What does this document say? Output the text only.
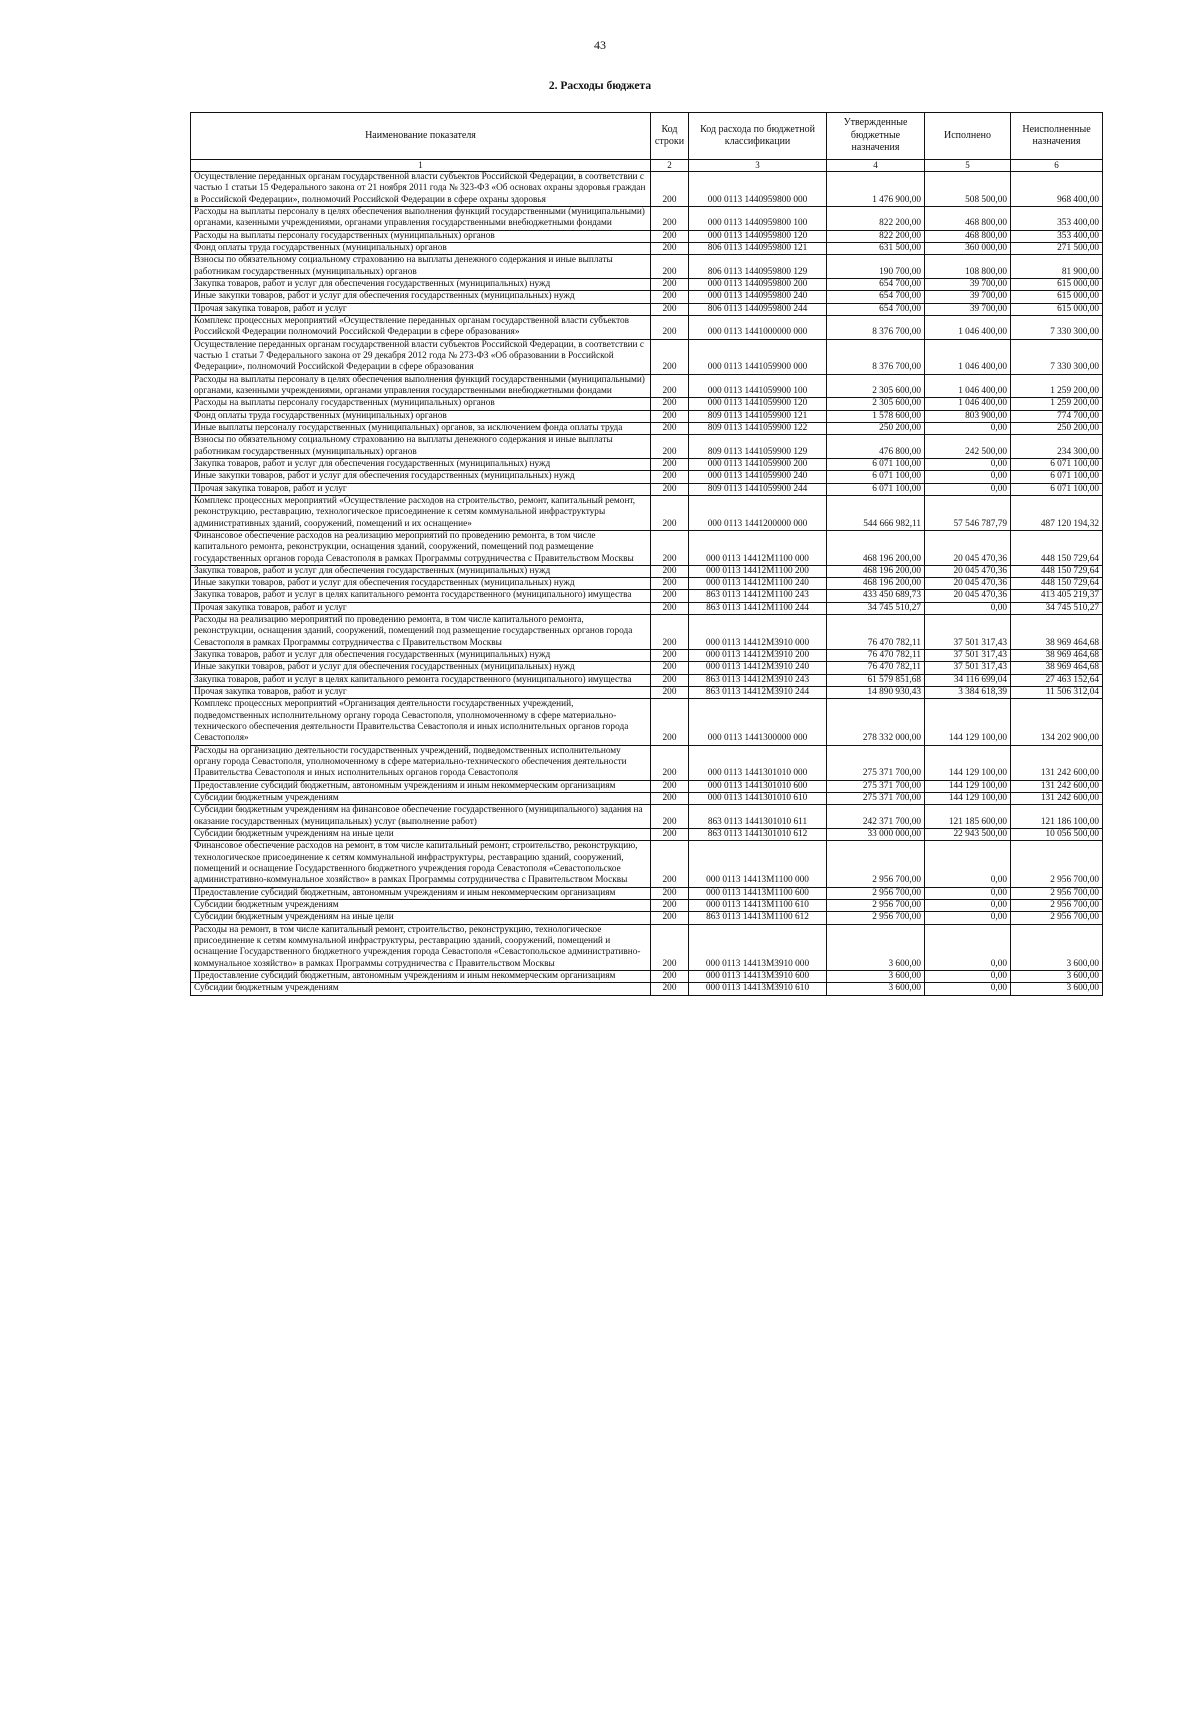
43
2. Расходы бюджета
Наименование показателя	Код строки	Код расхода по бюджетной классификации	Утвержденные бюджетные назначения	Исполнено	Неисполненные назначения
1	2	3	4	5	6
Осуществление переданных органам государственной власти субъектов Российской Федерации, в соответствии с частью 1 статьи 15 Федерального закона от 21 ноября 2011 года № 323-ФЗ «Об основах охраны здоровья граждан в Российской Федерации», полномочий Российской Федерации в сфере охраны здоровья	200	000 0113 1440959800 000	1 476 900,00	508 500,00	968 400,00
Расходы на выплаты персоналу в целях обеспечения выполнения функций государственными (муниципальными) органами, казенными учреждениями, органами управления государственными внебюджетными фондами	200	000 0113 1440959800 100	822 200,00	468 800,00	353 400,00
Расходы на выплаты персоналу государственных (муниципальных) органов	200	000 0113 1440959800 120	822 200,00	468 800,00	353 400,00
Фонд оплаты труда государственных (муниципальных) органов	200	806 0113 1440959800 121	631 500,00	360 000,00	271 500,00
Взносы по обязательному социальному страхованию на выплаты денежного содержания и иные выплаты работникам государственных (муниципальных) органов	200	806 0113 1440959800 129	190 700,00	108 800,00	81 900,00
Закупка товаров, работ и услуг для обеспечения государственных (муниципальных) нужд	200	000 0113 1440959800 200	654 700,00	39 700,00	615 000,00
Иные закупки товаров, работ и услуг для обеспечения государственных (муниципальных) нужд	200	000 0113 1440959800 240	654 700,00	39 700,00	615 000,00
Прочая закупка товаров, работ и услуг	200	806 0113 1440959800 244	654 700,00	39 700,00	615 000,00
Комплекс процессных мероприятий «Осуществление переданных органам государственной власти субъектов Российской Федерации полномочий Российской Федерации в сфере образования»	200	000 0113 1441000000 000	8 376 700,00	1 046 400,00	7 330 300,00
Осуществление переданных органам государственной власти субъектов Российской Федерации, в соответствии с частью 1 статьи 7 Федерального закона от 29 декабря 2012 года № 273-ФЗ «Об образовании в Российской Федерации», полномочий Российской Федерации в сфере образования	200	000 0113 1441059900 000	8 376 700,00	1 046 400,00	7 330 300,00
Расходы на выплаты персоналу в целях обеспечения выполнения функций государственными (муниципальными) органами, казенными учреждениями, органами управления государственными внебюджетными фондами	200	000 0113 1441059900 100	2 305 600,00	1 046 400,00	1 259 200,00
Расходы на выплаты персоналу государственных (муниципальных) органов	200	000 0113 1441059900 120	2 305 600,00	1 046 400,00	1 259 200,00
Фонд оплаты труда государственных (муниципальных) органов	200	809 0113 1441059900 121	1 578 600,00	803 900,00	774 700,00
Иные выплаты персоналу государственных (муниципальных) органов, за исключением фонда оплаты труда	200	809 0113 1441059900 122	250 200,00	0,00	250 200,00
Взносы по обязательному социальному страхованию на выплаты денежного содержания и иные выплаты работникам государственных (муниципальных) органов	200	809 0113 1441059900 129	476 800,00	242 500,00	234 300,00
Закупка товаров, работ и услуг для обеспечения государственных (муниципальных) нужд	200	000 0113 1441059900 200	6 071 100,00	0,00	6 071 100,00
Иные закупки товаров, работ и услуг для обеспечения государственных (муниципальных) нужд	200	000 0113 1441059900 240	6 071 100,00	0,00	6 071 100,00
Прочая закупка товаров, работ и услуг	200	809 0113 1441059900 244	6 071 100,00	0,00	6 071 100,00
Комплекс процессных мероприятий «Осуществление расходов на строительство, ремонт, капитальный ремонт, реконструкцию, реставрацию, технологическое присоединение к сетям коммунальной инфраструктуры административных зданий, сооружений, помещений и их оснащение»	200	000 0113 1441200000 000	544 666 982,11	57 546 787,79	487 120 194,32
Финансовое обеспечение расходов на реализацию мероприятий по проведению ремонта, в том числе капитального ремонта, реконструкции, оснащения зданий, сооружений, помещений под размещение государственных органов города Севастополя в рамках Программы сотрудничества с Правительством Москвы	200	000 0113 14412M1100 000	468 196 200,00	20 045 470,36	448 150 729,64
Закупка товаров, работ и услуг для обеспечения государственных (муниципальных) нужд	200	000 0113 14412M1100 200	468 196 200,00	20 045 470,36	448 150 729,64
Иные закупки товаров, работ и услуг для обеспечения государственных (муниципальных) нужд	200	000 0113 14412M1100 240	468 196 200,00	20 045 470,36	448 150 729,64
Закупка товаров, работ и услуг в целях капитального ремонта государственного (муниципального) имущества	200	863 0113 14412M1100 243	433 450 689,73	20 045 470,36	413 405 219,37
Прочая закупка товаров, работ и услуг	200	863 0113 14412M1100 244	34 745 510,27	0,00	34 745 510,27
Расходы на реализацию мероприятий по проведению ремонта, в том числе капитального ремонта, реконструкции, оснащения зданий, сооружений, помещений под размещение государственных органов города Севастополя в рамках Программы сотрудничества с Правительством Москвы	200	000 0113 14412M3910 000	76 470 782,11	37 501 317,43	38 969 464,68
Закупка товаров, работ и услуг для обеспечения государственных (муниципальных) нужд	200	000 0113 14412M3910 200	76 470 782,11	37 501 317,43	38 969 464,68
Иные закупки товаров, работ и услуг для обеспечения государственных (муниципальных) нужд	200	000 0113 14412M3910 240	76 470 782,11	37 501 317,43	38 969 464,68
Закупка товаров, работ и услуг в целях капитального ремонта государственного (муниципального) имущества	200	863 0113 14412M3910 243	61 579 851,68	34 116 699,04	27 463 152,64
Прочая закупка товаров, работ и услуг	200	863 0113 14412M3910 244	14 890 930,43	3 384 618,39	11 506 312,04
Комплекс процессных мероприятий «Организация деятельности государственных учреждений, подведомственных исполнительному органу города Севастополя, уполномоченному в сфере материально-технического обеспечения деятельности Правительства Севастополя и иных исполнительных органов города Севастополя»	200	000 0113 1441300000 000	278 332 000,00	144 129 100,00	134 202 900,00
Расходы на организацию деятельности государственных учреждений, подведомственных исполнительному органу города Севастополя, уполномоченному в сфере материально-технического обеспечения деятельности Правительства Севастополя и иных исполнительных органов города Севастополя	200	000 0113 1441301010 000	275 371 700,00	144 129 100,00	131 242 600,00
Предоставление субсидий бюджетным, автономным учреждениям и иным некоммерческим организациям	200	000 0113 1441301010 600	275 371 700,00	144 129 100,00	131 242 600,00
Субсидии бюджетным учреждениям	200	000 0113 1441301010 610	275 371 700,00	144 129 100,00	131 242 600,00
Субсидии бюджетным учреждениям на финансовое обеспечение государственного (муниципального) задания на оказание государственных (муниципальных) услуг (выполнение работ)	200	863 0113 1441301010 611	242 371 700,00	121 185 600,00	121 186 100,00
Субсидии бюджетным учреждениям на иные цели	200	863 0113 1441301010 612	33 000 000,00	22 943 500,00	10 056 500,00
Финансовое обеспечение расходов на ремонт, в том числе капитальный ремонт, строительство, реконструкцию, технологическое присоединение к сетям коммунальной инфраструктуры, реставрацию зданий, сооружений, помещений и оснащение Государственного бюджетного учреждения города Севастополя «Севастопольское административно-коммунальное хозяйство» в рамках Программы сотрудничества с Правительством Москвы	200	000 0113 14413M1100 000	2 956 700,00	0,00	2 956 700,00
Предоставление субсидий бюджетным, автономным учреждениям и иным некоммерческим организациям	200	000 0113 14413M1100 600	2 956 700,00	0,00	2 956 700,00
Субсидии бюджетным учреждениям	200	000 0113 14413M1100 610	2 956 700,00	0,00	2 956 700,00
Субсидии бюджетным учреждениям на иные цели	200	863 0113 14413M1100 612	2 956 700,00	0,00	2 956 700,00
Расходы на ремонт, в том числе капитальный ремонт, строительство, реконструкцию, технологическое присоединение к сетям коммунальной инфраструктуры, реставрацию зданий, сооружений, помещений и оснащение Государственного бюджетного учреждения города Севастополя «Севастопольское административно-коммунальное хозяйство» в рамках Программы сотрудничества с Правительством Москвы	200	000 0113 14413M3910 000	3 600,00	0,00	3 600,00
Предоставление субсидий бюджетным, автономным учреждениям и иным некоммерческим организациям	200	000 0113 14413M3910 600	3 600,00	0,00	3 600,00
Субсидии бюджетным учреждениям	200	000 0113 14413M3910 610	3 600,00	0,00	3 600,00
